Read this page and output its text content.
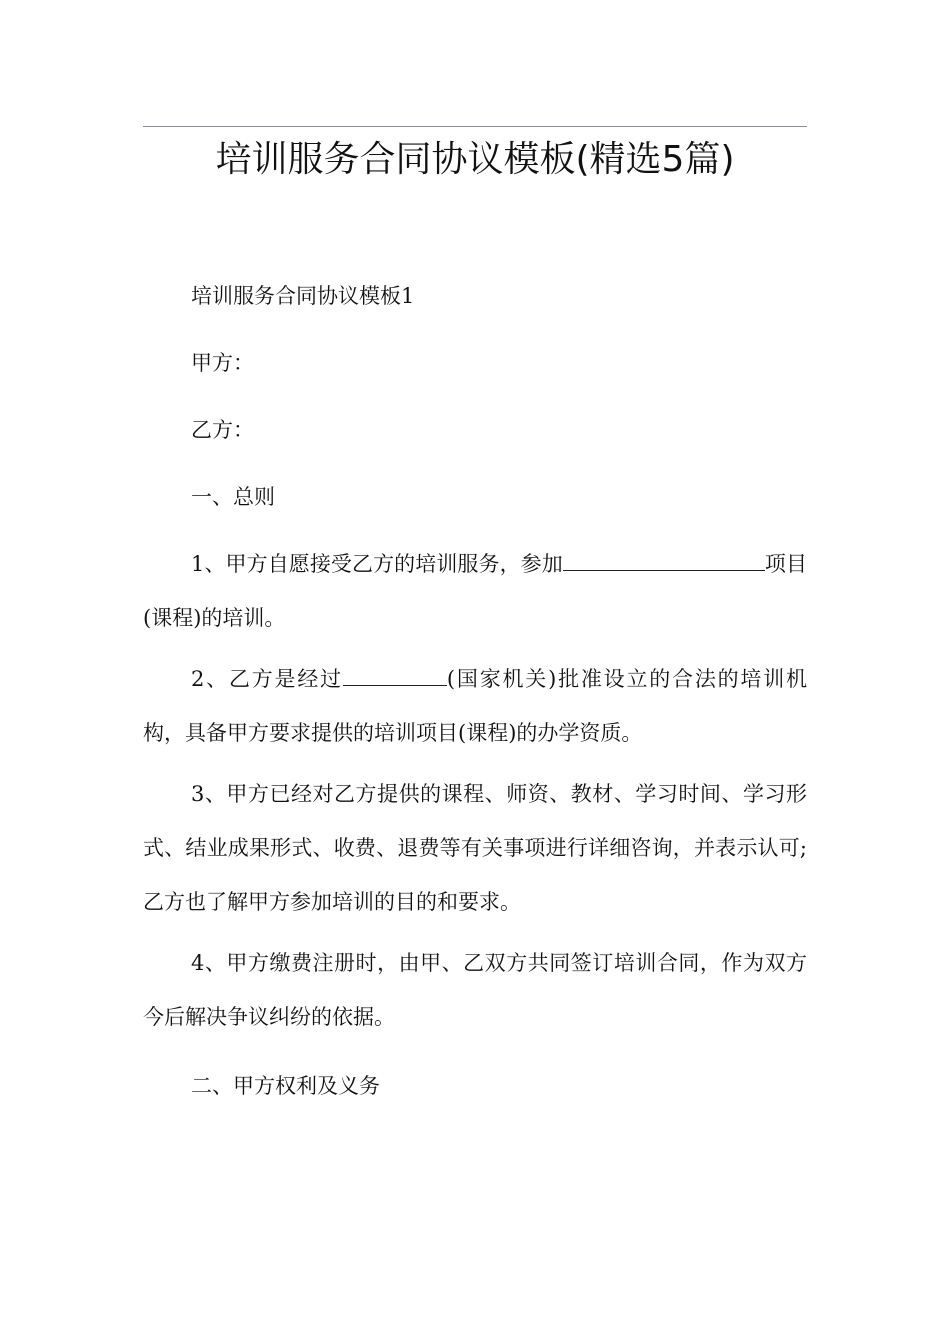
培训服务合同协议模板(精选5篇)
培训服务合同协议模板1
甲方：
乙方：
一、总则
1、甲方自愿接受乙方的培训服务，参加	项目(课程)的培训。
2、乙方是经过	(国家机关)批准设立的合法的培训机构，具备甲方要求提供的培训项目(课程)的办学资质。
3、甲方已经对乙方提供的课程、师资、教材、学习时间、学习形式、结业成果形式、收费、退费等有关事项进行详细咨询，并表示认可;乙方也了解甲方参加培训的目的和要求。
4、甲方缴费注册时，由甲、乙双方共同签订培训合同，作为双方今后解决争议纠纷的依据。
二、甲方权利及义务
